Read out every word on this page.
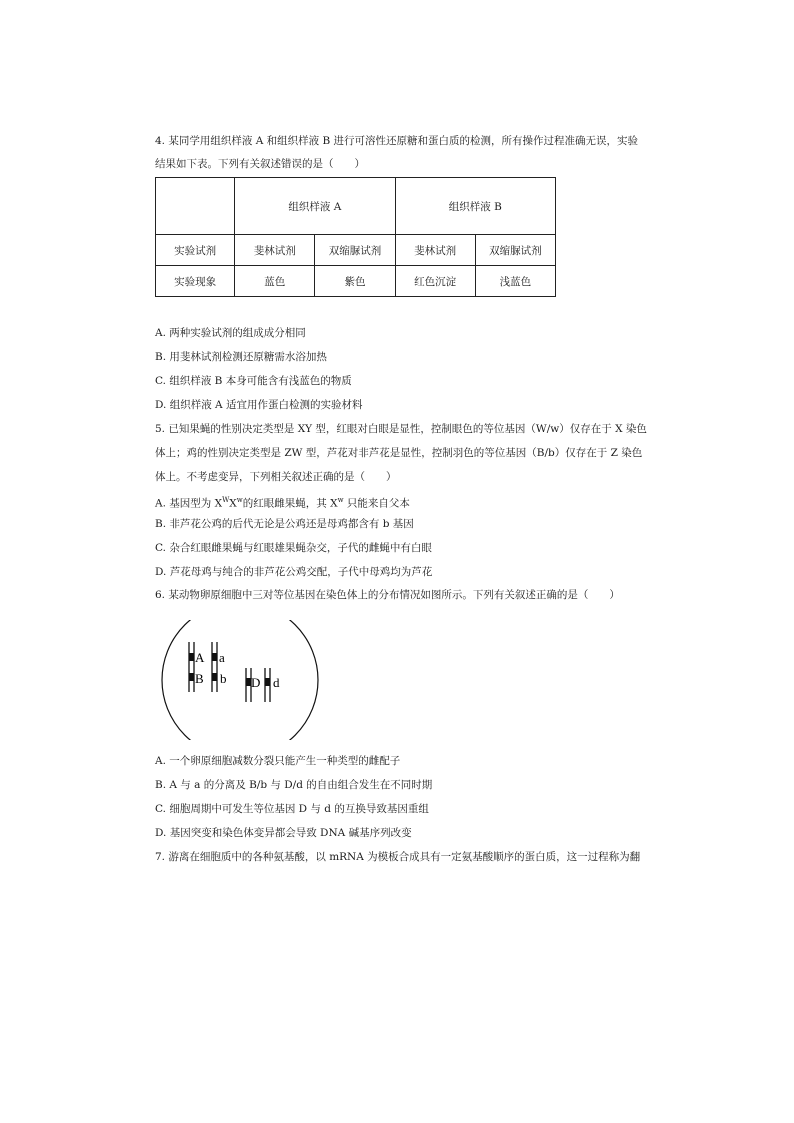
4. 某同学用组织样液 A 和组织样液 B 进行可溶性还原糖和蛋白质的检测，所有操作过程准确无误，实验
结果如下表。下列有关叙述错误的是（　　）
	组织样液 A		组织样液 B	
实验试剂	斐林试剂	双缩脲试剂	斐林试剂	双缩脲试剂
实验现象	蓝色	紫色	红色沉淀	浅蓝色
A. 两种实验试剂的组成成分相同
B. 用斐林试剂检测还原糖需水浴加热
C. 组织样液 B 本身可能含有浅蓝色的物质
D. 组织样液 A 适宜用作蛋白检测的实验材料
5. 已知果蝇的性别决定类型是 XY 型，红眼对白眼是显性，控制眼色的等位基因（W/w）仅存在于 X 染色
体上；鸡的性别决定类型是 ZW 型，芦花对非芦花是显性，控制羽色的等位基因（B/b）仅存在于 Z 染色
体上。不考虑变异，下列相关叙述正确的是（　　）
A. 基因型为 $X^WX^w$的红眼雌果蝇，其 $X^w$ 只能来自父本
B. 非芦花公鸡的后代无论是公鸡还是母鸡都含有 b 基因
C. 杂合红眼雌果蝇与红眼雄果蝇杂交，子代的雌蝇中有白眼
D. 芦花母鸡与纯合的非芦花公鸡交配，子代中母鸡均为芦花
6. 某动物卵原细胞中三对等位基因在染色体上的分布情况如图所示。下列有关叙述正确的是（　　）
A a
B b D d
A. 一个卵原细胞减数分裂只能产生一种类型的雌配子
B. A 与 a 的分离及 B/b 与 D/d 的自由组合发生在不同时期
C. 细胞周期中可发生等位基因 D 与 d 的互换导致基因重组
D. 基因突变和染色体变异都会导致 DNA 碱基序列改变
7. 游离在细胞质中的各种氨基酸，以 mRNA 为模板合成具有一定氨基酸顺序的蛋白质，这一过程称为翻
